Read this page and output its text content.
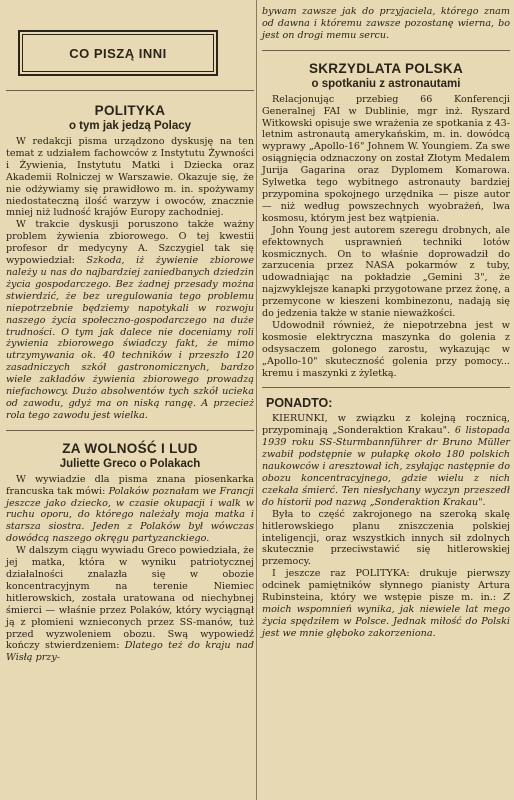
CO PISZĄ INNI
POLITYKA
o tym jak jedzą Polacy

W redakcji pisma urządzono dyskusję na ten temat z udziałem fachowców z Instytutu Żywności i Żywienia, Instytutu Matki i Dziecka oraz Akademii Rolniczej w Warszawie. Okazuje się, że nie odżywiamy się prawidłowo m. in. spożywamy niedostateczną ilość warzyw i owoców, znacznie mniej niż ludność krajów Europy zachodniej.

W trakcie dyskusji poruszono także ważny problem żywienia zbiorowego. O tej kwestii profesor dr medycyny A. Szczygiel tak się wypowiedział: Szkoda, iż żywienie zbiorowe należy u nas do najbardziej zaniedbanych dziedzin życia gospodarczego. Bez żadnej przesady można stwierdzić, że bez uregulowania tego problemu niepotrzebnie będziemy napotykali w rozwoju naszego życia społeczno-gospodarczego na duże trudności. O tym jak dalece nie doceniamy roli żywienia zbiorowego świadczy fakt, że mimo utrzymywania ok. 40 techników i przeszło 120 zasadniczych szkół gastronomicznych, bardzo wiele zakładów żywienia zbiorowego prowadzą niefachowcy. Dużo absolwentów tych szkół ucieka od zawodu, gdyż ma on niską rangę. A przecież rola tego zawodu jest wielka.

ZA WOLNOŚĆ I LUD
Juliette Greco o Polakach

W wywiadzie dla pisma znana piosenkarka francuska tak mówi: Polaków poznałam we Francji jeszcze jako dziecko, w czasie okupacji i walk w ruchu oporu, do którego należały moja matka i starsza siostra. Jeden z Polaków był wówczas dowódcą naszego okręgu partyzanckiego.

W dalszym ciągu wywiadu Greco powiedziała, że jej matka, która w wyniku patriotycznej działalności znalazła się w obozie koncentracyjnym na terenie Niemiec hitlerowskich, została uratowana od niechybnej śmierci — właśnie przez Polaków, który wyciągnął ją z płomieni wznieconych przez SS-manów, tuż przed wyzwoleniem obozu. Swą wypowiedź kończy stwierdzeniem: Dlatego też do kraju nad Wisłą przy-

bywam zawsze jak do przyjaciela, którego znam od dawna i któremu zawsze pozostanę wierna, bo jest on drogi memu sercu.

SKRZYDLATA POLSKA
o spotkaniu z astronautami

Relacjonując przebieg 66 Konferencji Generalnej FAI w Dublinie, mgr inż. Ryszard Witkowski opisuje swe wrażenia ze spotkania z 43-letnim astronautą amerykańskim, m. in. dowódcą wyprawy „Apollo-16" Johnem W. Youngiem. Za swe osiągnięcia odznaczony on został Złotym Medalem Jurija Gagarina oraz Dyplomem Komarowa. Sylwetka tego wybitnego astronauty bardziej przypomina spokojnego urzędnika — pisze autor — niż według powszechnych wyobrażeń, lwa kosmosu, którym jest bez wątpienia.

John Young jest autorem szeregu drobnych, ale efektownych usprawnień techniki lotów kosmicznych. On to właśnie doprowadził do zarzucenia przez NASA pokarmów z tuby, udowadniając na pokładzie „Gemini 3", że najzwyklejsze kanapki przygotowane przez żonę, a przemycone w kieszeni kombinezonu, nadają się do jedzenia także w stanie nieważkości.

Udowodnił również, że niepotrzebna jest w kosmosie elektryczna maszynka do golenia z odsysaczem golonego zarostu, wykazując w „Apollo-10" skuteczność golenia przy pomocy... kremu i maszynki z żyletką.

PONADTO:

KIERUNKI, w związku z kolejną rocznicą, przypominają „Sonderaktion Krakau". 6 listopada 1939 roku SS-Sturmbannführer dr Bruno Müller zwabił podstępnie w pułapkę około 180 polskich naukowców i aresztował ich, zsyłając następnie do obozu koncentracyjnego, gdzie wielu z nich czekała śmierć. Ten niesłychany wyczyn przeszedł do historii pod nazwą „Sonderaktion Krakau".

Była to część zakrojonego na szeroką skalę hitlerowskiego planu zniszczenia polskiej inteligencji, oraz wszystkich innych sił zdolnych skutecznie przeciwstawić się hitlerowskiej przemocy.

I jeszcze raz POLITYKA: drukuje pierwszy odcinek pamiętników słynnego pianisty Artura Rubinsteina, który we wstępie pisze m. in.: Z moich wspomnień wynika, jak niewiele lat mego życia spędziłem w Polsce. Jednak miłość do Polski jest we mnie głęboko zakorzeniona.
